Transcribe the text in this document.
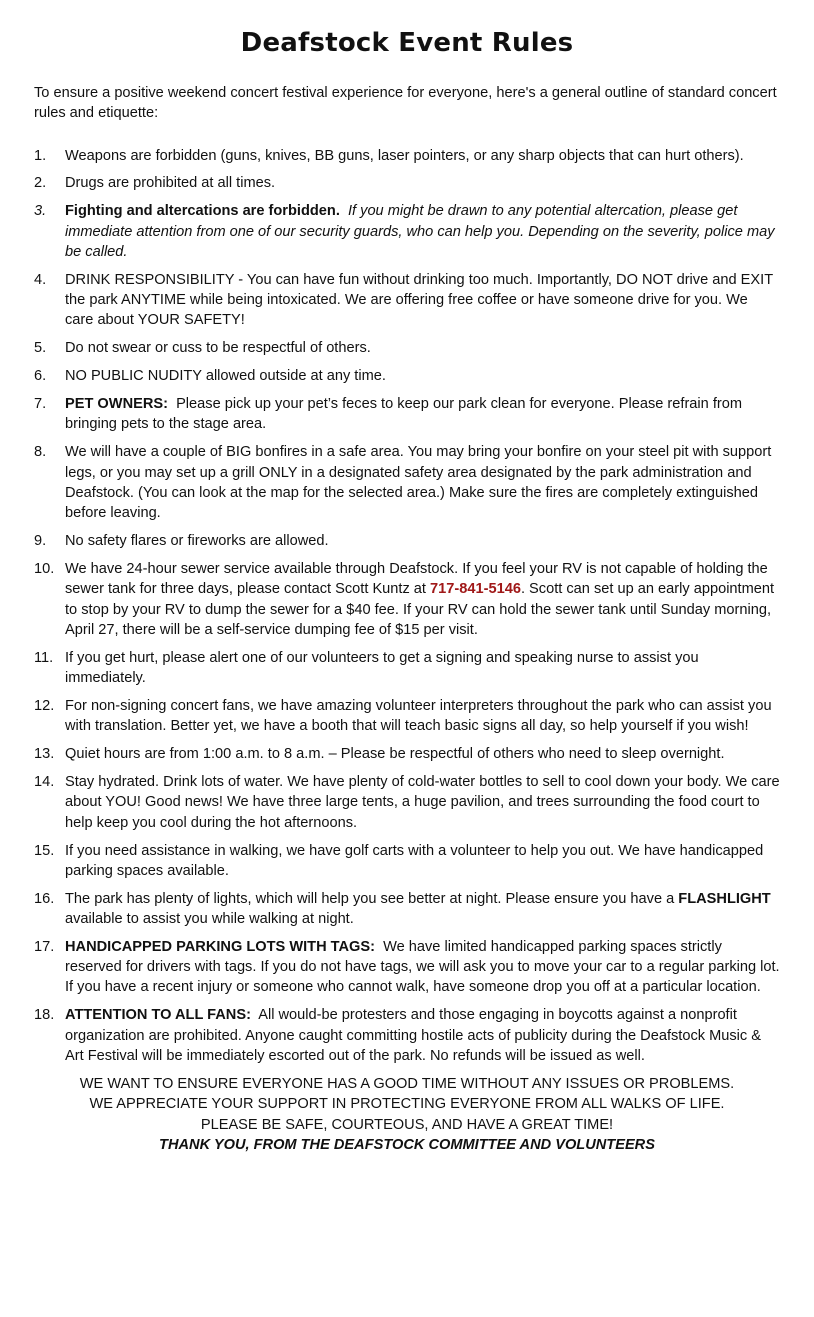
Deafstock Event Rules

To ensure a positive weekend concert festival experience for everyone, here's a general outline of standard concert rules and etiquette:

1. Weapons are forbidden (guns, knives, BB guns, laser pointers, or any sharp objects that can hurt others).
2. Drugs are prohibited at all times.
3. Fighting and altercations are forbidden. If you might be drawn to any potential altercation, please get immediate attention from one of our security guards, who can help you. Depending on the severity, police may be called.
4. DRINK RESPONSIBILITY - You can have fun without drinking too much. Importantly, DO NOT drive and EXIT the park ANYTIME while being intoxicated. We are offering free coffee or have someone drive for you. We care about YOUR SAFETY!
5. Do not swear or cuss to be respectful of others.
6. NO PUBLIC NUDITY allowed outside at any time.
7. PET OWNERS: Please pick up your pet’s feces to keep our park clean for everyone. Please refrain from bringing pets to the stage area.
8. We will have a couple of BIG bonfires in a safe area. You may bring your bonfire on your steel pit with support legs, or you may set up a grill ONLY in a designated safety area designated by the park administration and Deafstock. (You can look at the map for the selected area.) Make sure the fires are completely extinguished before leaving.
9. No safety flares or fireworks are allowed.
10. We have 24-hour sewer service available through Deafstock. If you feel your RV is not capable of holding the sewer tank for three days, please contact Scott Kuntz at 717-841-5146. Scott can set up an early appointment to stop by your RV to dump the sewer for a $40 fee. If your RV can hold the sewer tank until Sunday morning, April 27, there will be a self-service dumping fee of $15 per visit.
11. If you get hurt, please alert one of our volunteers to get a signing and speaking nurse to assist you immediately.
12. For non-signing concert fans, we have amazing volunteer interpreters throughout the park who can assist you with translation. Better yet, we have a booth that will teach basic signs all day, so help yourself if you wish!
13. Quiet hours are from 1:00 a.m. to 8 a.m. – Please be respectful of others who need to sleep overnight.
14. Stay hydrated. Drink lots of water. We have plenty of cold-water bottles to sell to cool down your body. We care about YOU! Good news! We have three large tents, a huge pavilion, and trees surrounding the food court to help keep you cool during the hot afternoons.
15. If you need assistance in walking, we have golf carts with a volunteer to help you out. We have handicapped parking spaces available.
16. The park has plenty of lights, which will help you see better at night. Please ensure you have a FLASHLIGHT available to assist you while walking at night.
17. HANDICAPPED PARKING LOTS WITH TAGS: We have limited handicapped parking spaces strictly reserved for drivers with tags. If you do not have tags, we will ask you to move your car to a regular parking lot. If you have a recent injury or someone who cannot walk, have someone drop you off at a particular location.
18. ATTENTION TO ALL FANS: All would-be protesters and those engaging in boycotts against a nonprofit organization are prohibited. Anyone caught committing hostile acts of publicity during the Deafstock Music & Art Festival will be immediately escorted out of the park. No refunds will be issued as well.

WE WANT TO ENSURE EVERYONE HAS A GOOD TIME WITHOUT ANY ISSUES OR PROBLEMS.

WE APPRECIATE YOUR SUPPORT IN PROTECTING EVERYONE FROM ALL WALKS OF LIFE.

PLEASE BE SAFE, COURTEOUS, AND HAVE A GREAT TIME!

THANK YOU, FROM THE DEAFSTOCK COMMITTEE AND VOLUNTEERS
